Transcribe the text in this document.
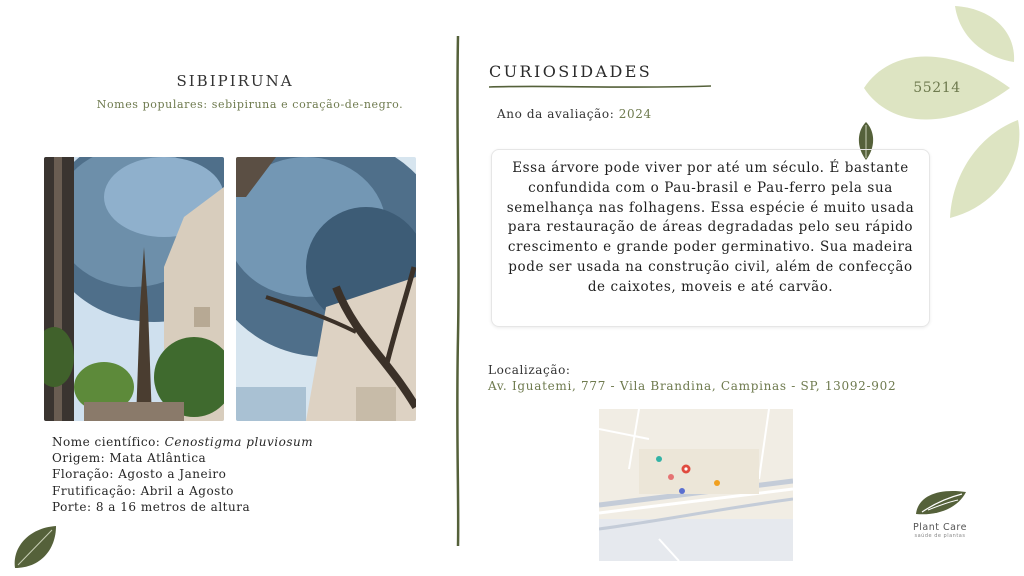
55214
SIBIPIRUNA
Nomes populares: sebipiruna e coração-de-negro.
Nome científico: Cenostigma pluviosum
Origem: Mata Atlântica
Floração: Agosto a Janeiro
Frutificação: Abril a Agosto
Porte: 8 a 16 metros de altura
CURIOSIDADES
Ano da avaliação: 2024

Essa árvore pode viver por até um século. É bastante confundida com o Pau-brasil e Pau-ferro pela sua semelhança nas folhagens. Essa espécie é muito usada para restauração de áreas degradadas pelo seu rápido crescimento e grande poder germinativo. Sua madeira pode ser usada na construção civil, além de confecção de caixotes, moveis e até carvão.

Localização:
Av. Iguatemi, 777 - Vila Brandina, Campinas - SP, 13092-902
Plant Care
saúde de plantas
